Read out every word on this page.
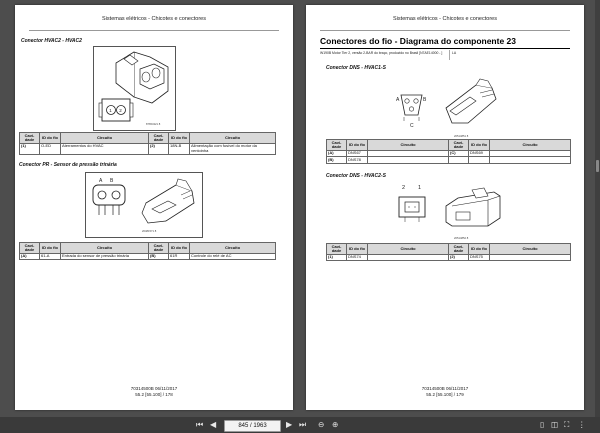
Sistemas elétricos - Chicotes e conectores
Conector HVAC2 - HVAC2
1 2
87654321 8
Cavi-dade	ID do fio	Circuito	Cavi-dade	ID do fio	Circuito
(1)	O-ED	Aterramentos do HVAC	(2)	18N-B	Alimentação com fusível do motor da ventoinha
Conector PR - Sensor de pressão trinária
A B
20481571 8
Cavi-dade	ID do fio	Circuito	Cavi-dade	ID do fio	Circuito
(A)	61-A	Entrada do sensor de pressão trinária	(B)	61R	Controle do relé de AC
70314500B 06/11/2017
55.2 [55.100] / 178
Sistemas elétricos - Chicotes e conectores
Conectores do fio - Diagrama do componente 23
W190B Motor Tier 2, versão 2-BAR do braço, produzido no Brasil [N7AE14000 - ]	LA
Conector DNS - HVAC1-S
A	B
C
20514851 8
Cavi-dade	ID do fio	Circuito	Cavi-dade	ID do fio	Circuito
(A)	DNS67		(C)	DNS69	
(B)	DNS78				
Conector DNS - HVAC2-S
2 1
20514852 8
Cavi-dade	ID do fio	Circuito	Cavi-dade	ID do fio	Circuito
(1)	DNS74		(2)	DNS75	
70314500B 06/11/2017
55.2 [55.100] / 179
⏮ ◀	845 / 1963	▶ ⏭ ⊖ ⊕	▯ ◫ ⛶ ⋮
